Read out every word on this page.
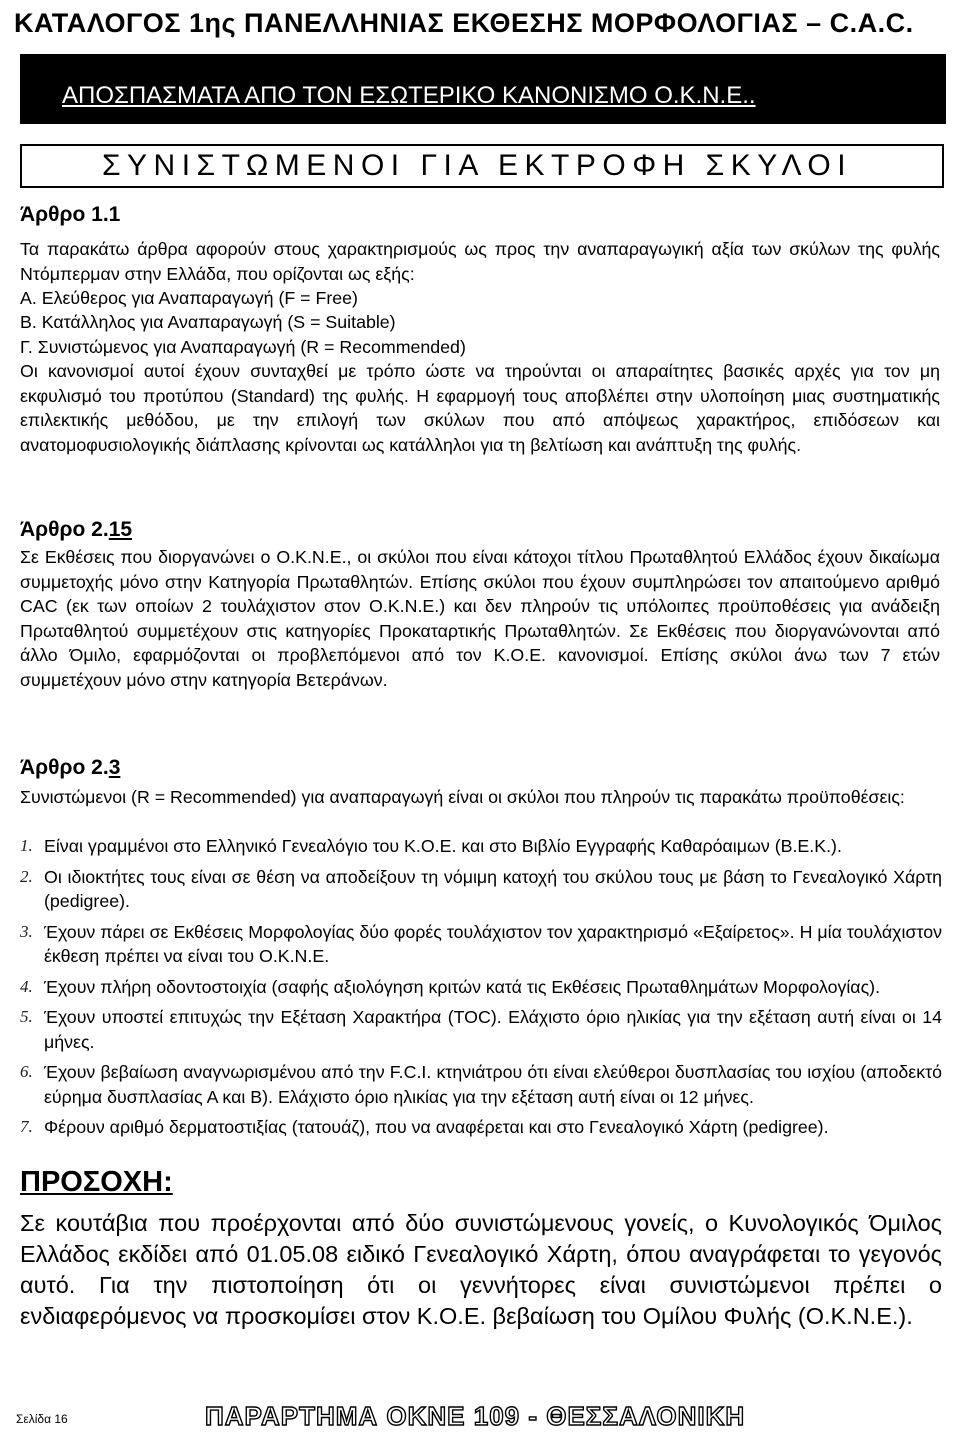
ΚΑΤΑΛΟΓΟΣ 1ης ΠΑΝΕΛΛΗΝΙΑΣ ΕΚΘΕΣΗΣ ΜΟΡΦΟΛΟΓΙΑΣ – C.A.C.
ΑΠΟΣΠΑΣΜΑΤΑ ΑΠΟ ΤΟΝ ΕΣΩΤΕΡΙΚΟ ΚΑΝΟΝΙΣΜΟ Ο.Κ.Ν.Ε..
ΣΥΝΙΣΤΩΜΕΝΟΙ ΓΙΑ ΕΚΤΡΟΦΗ ΣΚΥΛΟΙ
Άρθρο 1.1
Τα παρακάτω άρθρα αφορούν στους χαρακτηρισμούς ως προς την αναπαραγωγική αξία των σκύλων της φυλής Ντόμπερμαν στην Ελλάδα, που ορίζονται ως εξής:
Α. Ελεύθερος για Αναπαραγωγή (F = Free)
Β. Κατάλληλος για Αναπαραγωγή (S = Suitable)
Γ. Συνιστώμενος για Αναπαραγωγή (R = Recommended)
Οι κανονισμοί αυτοί έχουν συνταχθεί με τρόπο ώστε να τηρούνται οι απαραίτητες βασικές αρχές για τον μη εκφυλισμό του προτύπου (Standard) της φυλής. Η εφαρμογή τους αποβλέπει στην υλοποίηση μιας συστηματικής επιλεκτικής μεθόδου, με την επιλογή των σκύλων που από απόψεως χαρακτήρος, επιδόσεων και ανατομοφυσιολογικής διάπλασης κρίνονται ως κατάλληλοι για τη βελτίωση και ανάπτυξη της φυλής.
Άρθρο 2.15
Σε Εκθέσεις που διοργανώνει ο Ο.Κ.Ν.Ε., οι σκύλοι που είναι κάτοχοι τίτλου Πρωταθλητού Ελλάδος έχουν δικαίωμα συμμετοχής μόνο στην Κατηγορία Πρωταθλητών. Επίσης σκύλοι που έχουν συμπληρώσει τον απαιτούμενο αριθμό CAC (εκ των οποίων 2 τουλάχιστον στον Ο.Κ.Ν.Ε.) και δεν πληρούν τις υπόλοιπες προϋποθέσεις για ανάδειξη Πρωταθλητού συμμετέχουν στις κατηγορίες Προκαταρτικής Πρωταθλητών. Σε Εκθέσεις που διοργανώνονται από άλλο Όμιλο, εφαρμόζονται οι προβλεπόμενοι από τον Κ.Ο.Ε. κανονισμοί. Επίσης σκύλοι άνω των 7 ετών συμμετέχουν μόνο στην κατηγορία Βετεράνων.
Άρθρο 2.3
Συνιστώμενοι (R = Recommended) για αναπαραγωγή είναι οι σκύλοι που πληρούν τις παρακάτω προϋποθέσεις:
1. Είναι γραμμένοι στο Ελληνικό Γενεαλόγιο του Κ.Ο.Ε. και στο Βιβλίο Εγγραφής Καθαρόαιμων (Β.Ε.Κ.).
2. Οι ιδιοκτήτες τους είναι σε θέση να αποδείξουν τη νόμιμη κατοχή του σκύλου τους με βάση το Γενεαλογικό Χάρτη (pedigree).
3. Έχουν πάρει σε Εκθέσεις Μορφολογίας δύο φορές τουλάχιστον τον χαρακτηρισμό «Εξαίρετος». Η μία τουλάχιστον έκθεση πρέπει να είναι του Ο.Κ.Ν.Ε.
4. Έχουν πλήρη οδοντοστοιχία (σαφής αξιολόγηση κριτών κατά τις Εκθέσεις Πρωταθλημάτων Μορφολογίας).
5. Έχουν υποστεί επιτυχώς την Εξέταση Χαρακτήρα (TOC). Ελάχιστο όριο ηλικίας για την εξέταση αυτή είναι οι 14 μήνες.
6. Έχουν βεβαίωση αναγνωρισμένου από την F.C.I. κτηνιάτρου ότι είναι ελεύθεροι δυσπλασίας του ισχίου (αποδεκτό εύρημα δυσπλασίας Α και Β). Ελάχιστο όριο ηλικίας για την εξέταση αυτή είναι οι 12 μήνες.
7. Φέρουν αριθμό δερματοστιξίας (τατουάζ), που να αναφέρεται και στο Γενεαλογικό Χάρτη (pedigree).
ΠΡΟΣΟΧΗ:
Σε κουτάβια που προέρχονται από δύο συνιστώμενους γονείς, ο Κυνολογικός Όμιλος Ελλάδος εκδίδει από 01.05.08 ειδικό Γενεαλογικό Χάρτη, όπου αναγράφεται το γεγονός αυτό. Για την πιστοποίηση ότι οι γεννήτορες είναι συνιστώμενοι πρέπει ο ενδιαφερόμενος να προσκομίσει στον Κ.Ο.Ε. βεβαίωση του Ομίλου Φυλής (Ο.Κ.Ν.Ε.).
Σελίδα 16	ΠΑΡΑΡΤΗΜΑ ΟΚΝΕ 109 - ΘΕΣΣΑΛΟΝΙΚΗ
